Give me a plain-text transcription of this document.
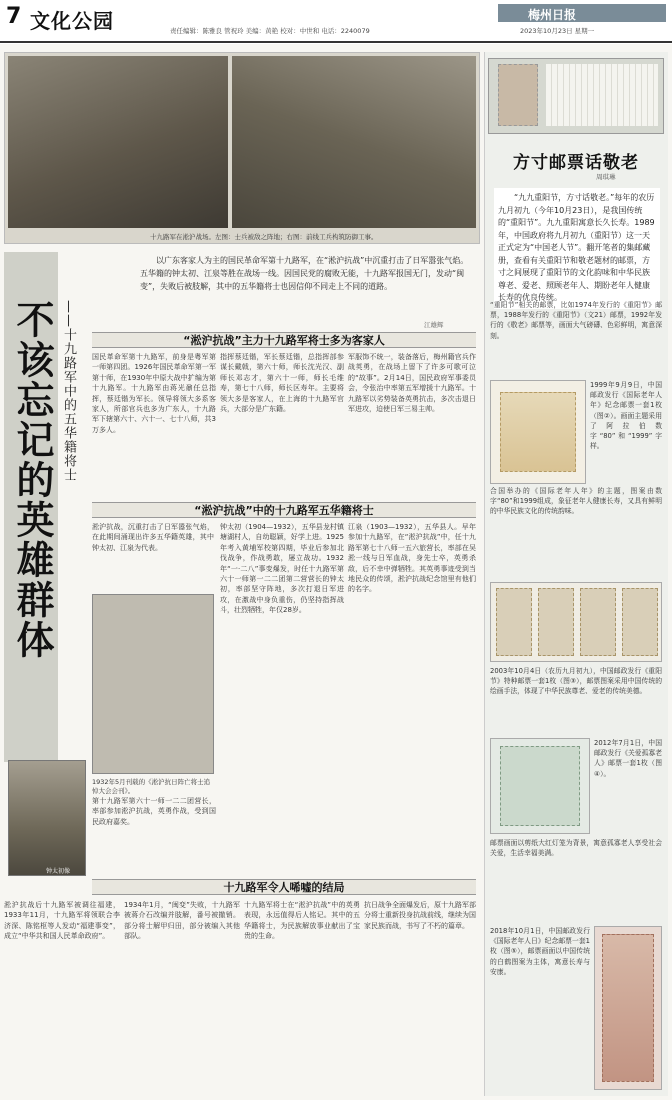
7 文化公园	责任编辑：陈雅良 管祝玲 美编：黄艳 校对：中世和 电话：2240079
梅州日报
2023年10月23日 星期一
十九路军在淞沪战场。左图：士兵被敌之阵地；右图：前线工兵构筑防御工事。
不该忘记的英雄群体 ——十九路军中的五华籍将士
以广东客家人为主的国民革命军第十九路军，在“淞沪抗战”中沉重打击了日军嚣张气焰。五华籍的钟太初、江泉等胜在战场一线。因国民党的腐败无能，十九路军报国无门，发动“闽变”，失败后被肢解，其中的五华籍将士也因信仰不同走上不同的道路。
江雄辉
“淞沪抗战”主力十九路军将士多为客家人
国民革命军第十九路军，前身是粤军第一师第四团。1926年国民革命军第一军第十师，在1930年中原大战中扩编为第十九路军。十九路军由蒋光鼐任总指挥，蔡廷锴为军长。领导将领大多系客家人，所部官兵也多为广东人，十九路军下辖第六十、六十一、七十八师，共3万多人。
指挥蔡廷锴，军长蔡廷锴，总指挥部参谋长戴戟，第六十师，师长沈光汉、副师长邓志才，第六十一师，师长毛维寿，第七十八师，师长区寿年。主要将领大多是客家人，在上海的十九路军官兵，大部分是广东籍。
军服饰不统一，装备落后，梅州籍官兵作战英勇，在战场上留下了许多可歌可泣的“故事”。2月14日，国民政府军事委员会，令张治中率第五军增援十九路军。十九路军以劣势装备英勇抗击，多次击退日军进攻，迫使日军三易主帅。
“淞沪抗战”中的十九路军五华籍将士
淞沪抗战，沉重打击了日军嚣张气焰，在此期间涌现出许多五华籍英雄，其中钟太初、江泉为代表。
1932年5月刊载的《淞沪抗日阵亡将士追悼大会会刊》。
第十九路军第六十一师一二二团营长，率部参加淞沪抗战，英勇作战，受到国民政府嘉奖。
钟太初（1904—1932），五华县龙村镇塘湖村人，自幼聪颖，好学上进。1925年考入黄埔军校第四期，毕业后参加北伐战争，作战勇敢，屡立战功。1932年“一·二八”事变爆发，时任十九路军第六十一师第一二二团第二营营长的钟太初，率部坚守阵地，多次打退日军进攻，在激战中身负重伤，仍坚持指挥战斗，壮烈牺牲，年仅28岁。
江泉（1903—1932），五华县人。早年参加十九路军，在“淞沪抗战”中，任十九路军第七十八师一五六旅营长，率部在吴淞一线与日军血战，身先士卒，英勇杀敌，后不幸中弹牺牲。其英勇事迹受到当地民众的传颂，淞沪抗战纪念馆里有他们的名字。
钟太初像
十九路军令人唏嘘的结局
淞沪抗战后十九路军被调往福建，1933年11月，十九路军将领联合李济深、陈铭枢等人发动“福建事变”，成立“中华共和国人民革命政府”。
1934年1月，“闽变”失败，十九路军被蒋介石改编并肢解，番号被撤销。部分将士解甲归田，部分被编入其他部队。
十九路军将士在“淞沪抗战”中的英勇表现，永远值得后人铭记。其中的五华籍将士，为民族解放事业献出了宝贵的生命。
抗日战争全面爆发后，原十九路军部分将士重新投身抗战前线，继续为国家民族而战，书写了不朽的篇章。
方寸邮票话敬老
周琪琳
“九九重阳节，方寸话敬老。”每年的农历九月初九（今年10月23日），是我国传统的“重阳节”。九九重阳寓意长久长寿。1989年，中国政府将九月初九（重阳节）这一天正式定为“中国老人节”。翻开笔者的集邮藏册，查看有关重阳节和敬老题材的邮票，方寸之间展现了重阳节的文化韵味和中华民族尊老、爱老、照顾老年人、期盼老年人健康长寿的优良传统。
“重阳节”相关的邮票，比如1974年发行的《重阳节》邮票，1988年发行的《重阳节》（文21）邮票，1992年发行的《敬老》邮票等，画面大气磅礴、色彩鲜明，寓意深刻。
1999年9月9日，中国邮政发行《国际老年人年》纪念邮票一套1枚（图②）。画面主题采用了阿拉伯数字“80”和“1999”字样。
合国举办的《国际老年人年》的主题，图案由数字“80”和1999组成，象征老年人健康长寿，又具有鲜明的中华民族文化的传统韵味。
2003年10月4日（农历九月初九），中国邮政发行《重阳节》特种邮票一套1枚（图③），邮票图案采用中国传统的绘画手法，体现了中华民族尊老、爱老的传统美德。
2012年7月1日，中国邮政发行《关爱孤寡老人》邮票一套1枚（图④）。
邮票画面以剪纸大红灯笼为背景，寓意孤寡老人享受社会关爱，生活幸福美满。
2018年10月1日，中国邮政发行《国际老年人日》纪念邮票一套1枚（图⑤），邮票画面以中国传统的白鹤图案为主体，寓意长寿与安康。
